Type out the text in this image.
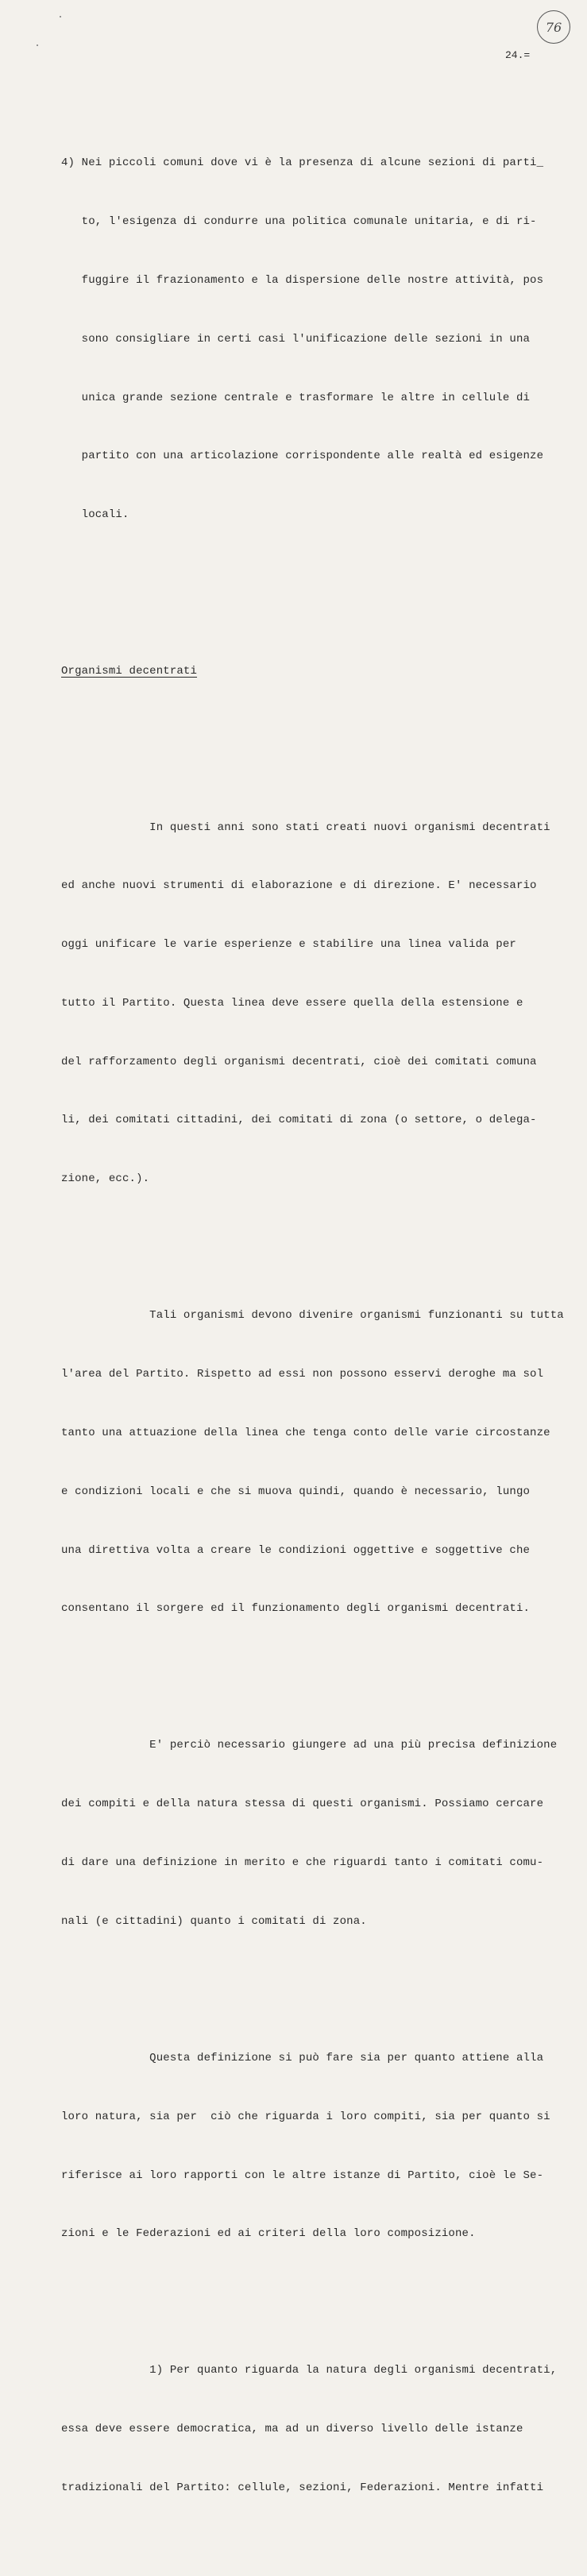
76
24.=

4) Nei piccoli comuni dove vi è la presenza di alcune sezioni di parti_

to, l'esigenza di condurre una politica comunale unitaria, e di ri-

fuggire il frazionamento e la dispersione delle nostre attività, pos

sono consigliare in certi casi l'unificazione delle sezioni in una

unica grande sezione centrale e trasformare le altre in cellule di

partito con una articolazione corrispondente alle realtà ed esigenze

locali.

Organismi decentrati

In questi anni sono stati creati nuovi organismi decentrati

ed anche nuovi strumenti di elaborazione e di direzione. E' necessario

oggi unificare le varie esperienze e stabilire una linea valida per

tutto il Partito. Questa linea deve essere quella della estensione e

del rafforzamento degli organismi decentrati, cioè dei comitati comuna

li, dei comitati cittadini, dei comitati di zona (o settore, o delega-

zione, ecc.).

Tali organismi devono divenire organismi funzionanti su tutta

l'area del Partito. Rispetto ad essi non possono esservi deroghe ma sol

tanto una attuazione della linea che tenga conto delle varie circostanze

e condizioni locali e che si muova quindi, quando è necessario, lungo

una direttiva volta a creare le condizioni oggettive e soggettive che

consentano il sorgere ed il funzionamento degli organismi decentrati.

E' perciò necessario giungere ad una più precisa definizione

dei compiti e della natura stessa di questi organismi. Possiamo cercare

di dare una definizione in merito e che riguardi tanto i comitati comu-

nali (e cittadini) quanto i comitati di zona.

Questa definizione si può fare sia per quanto attiene alla

loro natura, sia per  ciò che riguarda i loro compiti, sia per quanto si

riferisce ai loro rapporti con le altre istanze di Partito, cioè le Se-

zioni e le Federazioni ed ai criteri della loro composizione.

1) Per quanto riguarda la natura degli organismi decentrati,

essa deve essere democratica, ma ad un diverso livello delle istanze

tradizionali del Partito: cellule, sezioni, Federazioni. Mentre infatti
